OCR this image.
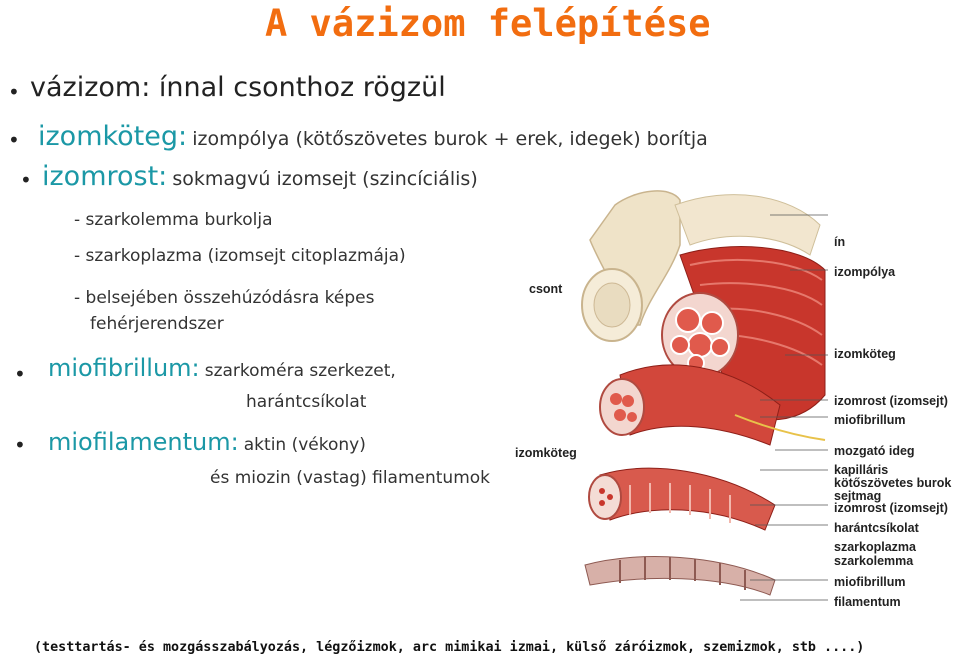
A vázizom felépítése
• vázizom: ínnal csonthoz rögzül
• izomköteg: izompólya (kötőszövetes burok + erek, idegek) borítja
• izomrost: sokmagvú izomsejt (szincíciális)
- szarkolemma burkolja
- szarkoplazma (izomsejt citoplazmája)
- belsejében összehúzódásra képes
fehérjerendszer
• miofibrillum: szarkoméra szerkezet,
harántcsíkolat
• miofilamentum: aktin (vékony)
és miozin (vastag) filamentumok
csont
izomköteg
ín
izompólya
izomköteg
izomrost (izomsejt)
miofibrillum
mozgató ideg
kapilláris
kötőszövetes burok
sejtmag
izomrost (izomsejt)
harántcsíkolat
szarkoplazma
szarkolemma
miofibrillum
filamentum
(testtartás- és mozgásszabályozás, légzőizmok, arc mimikai izmai, külső záróizmok, szemizmok, stb ....)
